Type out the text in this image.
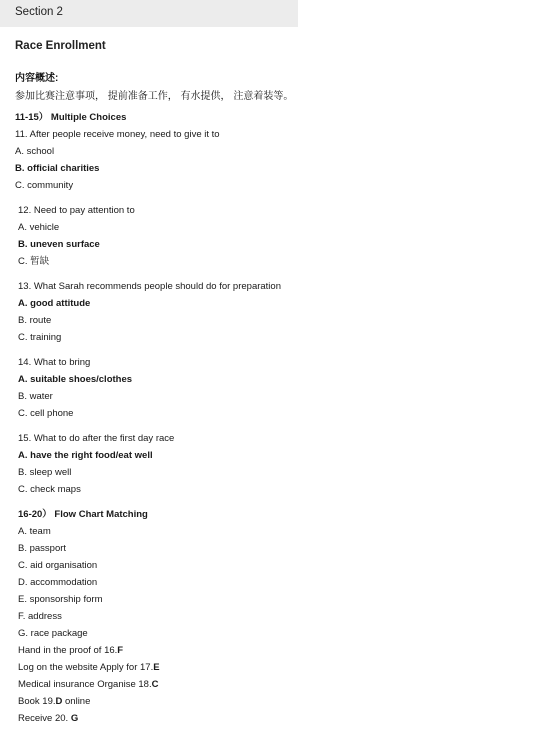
Section 2
Race Enrollment
内容概述:
参加比赛注意事项， 提前准备工作， 有水提供， 注意着装等。
11-15） Multiple Choices
11. After people receive money, need to give it to
A. school
B. official charities
C. community
12. Need to pay attention to
A. vehicle
B. uneven surface
C. 暂缺
13. What Sarah recommends people should do for preparation
A. good attitude
B. route
C. training
14. What to bring
A. suitable shoes/clothes
B. water
C. cell phone
15. What to do after the first day race
A. have the right food/eat well
B. sleep well
C. check maps
16-20） Flow Chart Matching
A. team
B. passport
C. aid organisation
D. accommodation
E. sponsorship form
F. address
G. race package
Hand in the proof of 16.F
Log on the website Apply for 17.E
Medical insurance Organise 18.C
Book 19.D online
Receive 20. G
